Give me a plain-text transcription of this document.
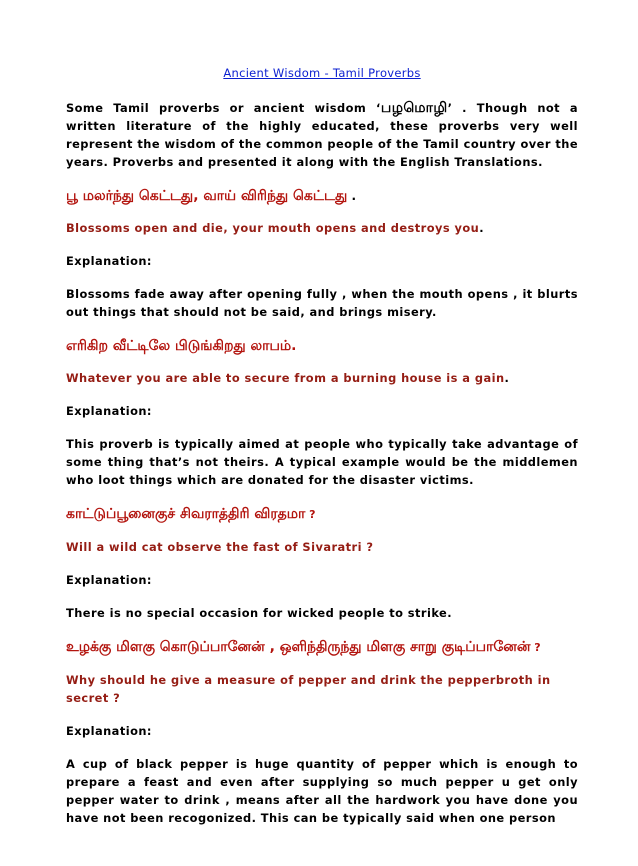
Ancient Wisdom - Tamil Proverbs

Some Tamil proverbs or ancient wisdom ‘பழமொழி’ . Though not a written literature of the highly educated, these proverbs very well represent the wisdom of the common people of the Tamil country over the years. Proverbs and presented it along with the English Translations.

பூ மலர்ந்து கெட்டது, வாய் விரிந்து கெட்டது .

Blossoms open and die, your mouth opens and destroys you.

Explanation:

Blossoms fade away after opening fully , when the mouth opens , it blurts out things that should not be said, and brings misery.

எரிகிற வீட்டிலே பிடுங்கிறது லாபம்.

Whatever you are able to secure from a burning house is a gain.

Explanation:

This proverb is typically aimed at people who typically take advantage of some thing that’s not theirs. A typical example would be the middlemen who loot things which are donated for the disaster victims.

காட்டுப்பூனைகுச் சிவராத்திரி விரதமா ?

Will a wild cat observe the fast of Sivaratri ?

Explanation:

There is no special occasion for wicked people to strike.

உழக்கு மிளகு கொடுப்பானேன் , ஒளிந்திருந்து மிளகு சாறு குடிப்பானேன் ?

Why should he give a measure of pepper and drink the pepperbroth in secret ?

Explanation:

A cup of black pepper is huge quantity of pepper which is enough to prepare a feast and even after supplying so much pepper u get only pepper water to drink , means after all the hardwork you have done you have not been recogonized. This can be typically said when one person
